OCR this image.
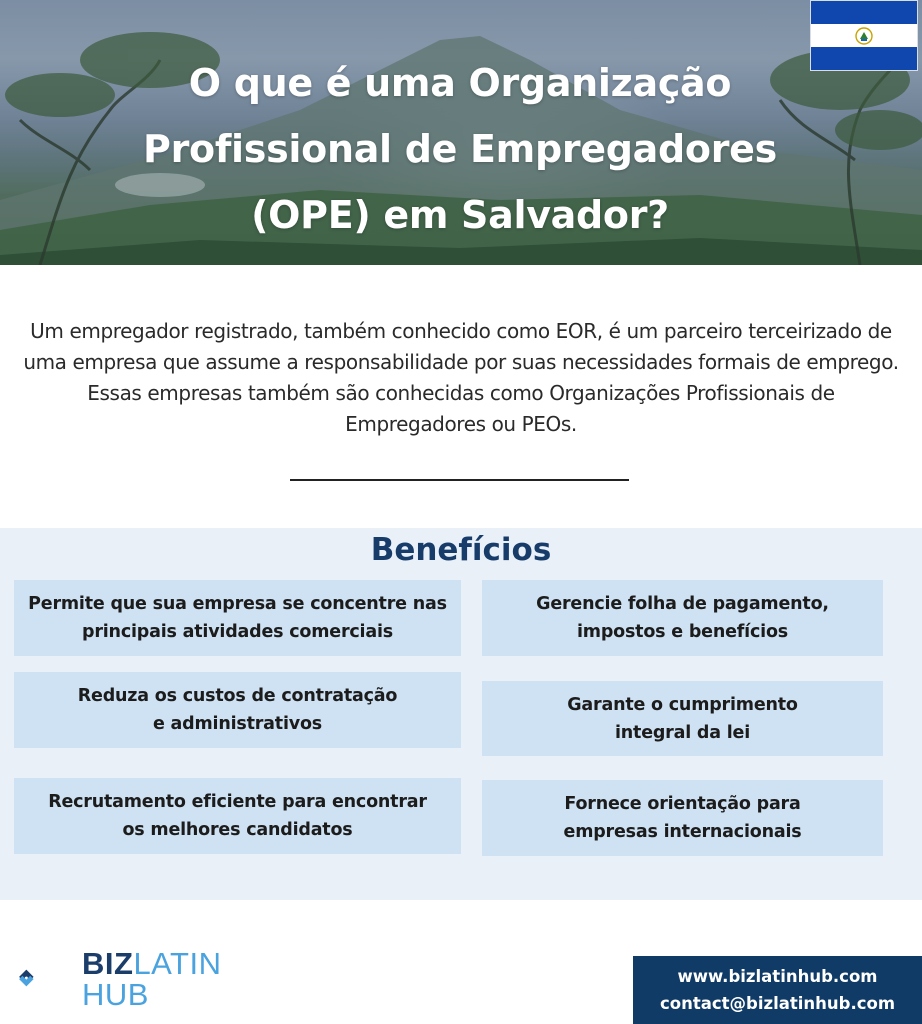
O que é uma Organização Profissional de Empregadores (OPE) em Salvador?

Um empregador registrado, também conhecido como EOR, é um parceiro terceirizado de uma empresa que assume a responsabilidade por suas necessidades formais de emprego. Essas empresas também são conhecidas como Organizações Profissionais de Empregadores ou PEOs.

Benefícios
Permite que sua empresa se concentre nas principais atividades comerciais
Gerencie folha de pagamento, impostos e benefícios
Reduza os custos de contratação e administrativos
Garante o cumprimento integral da lei
Recrutamento eficiente para encontrar os melhores candidatos
Fornece orientação para empresas internacionais
BIZLATIN
HUB
www.bizlatinhub.com
contact@bizlatinhub.com
